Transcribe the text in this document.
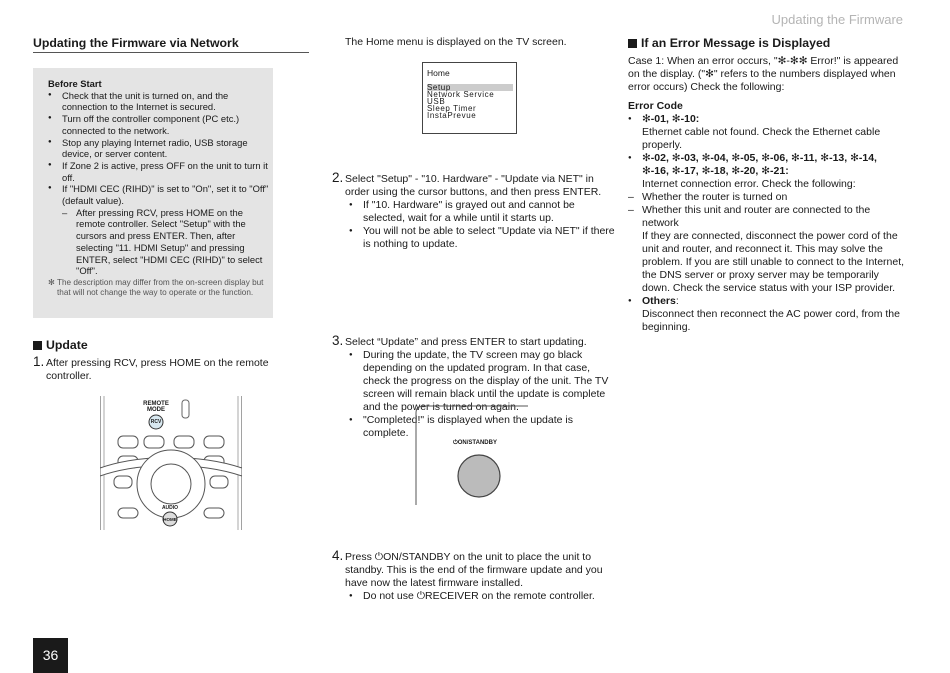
Updating the Firmware
Updating the Firmware via Network
Before Start
● Check that the unit is turned on, and the connection to the Internet is secured.
● Turn off the controller component (PC etc.) connected to the network.
● Stop any playing Internet radio, USB storage device, or server content.
● If Zone 2 is active, press OFF on the unit to turn it off.
● If "HDMI CEC (RIHD)" is set to "On", set it to "Off" (default value).
– After pressing RCV, press HOME on the remote controller. Select "Setup" with the cursors and press ENTER. Then, after selecting "11. HDMI Setup" and pressing ENTER, select "HDMI CEC (RIHD)" to select "Off".
✻ The description may differ from the on-screen display but that will not change the way to operate or the function.
Update
1. After pressing RCV, press HOME on the remote controller.
REMOTE
MODE
RCV
AUDIO
HOME
36
The Home menu is displayed on the TV screen.
Home
Setup
Network Service
USB
Sleep Timer
InstaPrevue
2. Select "Setup" - "10. Hardware" - "Update via NET" in order using the cursor buttons, and then press ENTER.
● If "10. Hardware" is grayed out and cannot be selected, wait for a while until it starts up.
● You will not be able to select "Update via NET" if there is nothing to update.
3. Select “Update” and press ENTER to start updating.
● During the update, the TV screen may go black depending on the updated program. In that case, check the progress on the display of the unit. The TV screen will remain black until the update is complete and the power is turned on again.
● "Completed!" is displayed when the update is complete.
4. Press ⏻ON/STANDBY on the unit to place the unit to standby. This is the end of the firmware update and you have now the latest firmware installed.
● Do not use ⏻RECEIVER on the remote controller.
⏻ON/STANDBY
If an Error Message is Displayed
Case 1: When an error occurs, "✻-✻✻ Error!" is appeared on the display. ("✻" refers to the numbers displayed when error occurs) Check the following:
Error Code
● ✻-01, ✻-10:
Ethernet cable not found. Check the Ethernet cable properly.
● ✻-02, ✻-03, ✻-04, ✻-05, ✻-06, ✻-11, ✻-13, ✻-14, ✻-16, ✻-17, ✻-18, ✻-20, ✻-21:
Internet connection error. Check the following:
– Whether the router is turned on
– Whether this unit and router are connected to the network
If they are connected, disconnect the power cord of the unit and router, and reconnect it. This may solve the problem. If you are still unable to connect to the Internet, the DNS server or proxy server may be temporarily down. Check the service status with your ISP provider.
● Others:
Disconnect then reconnect the AC power cord, from the beginning.
